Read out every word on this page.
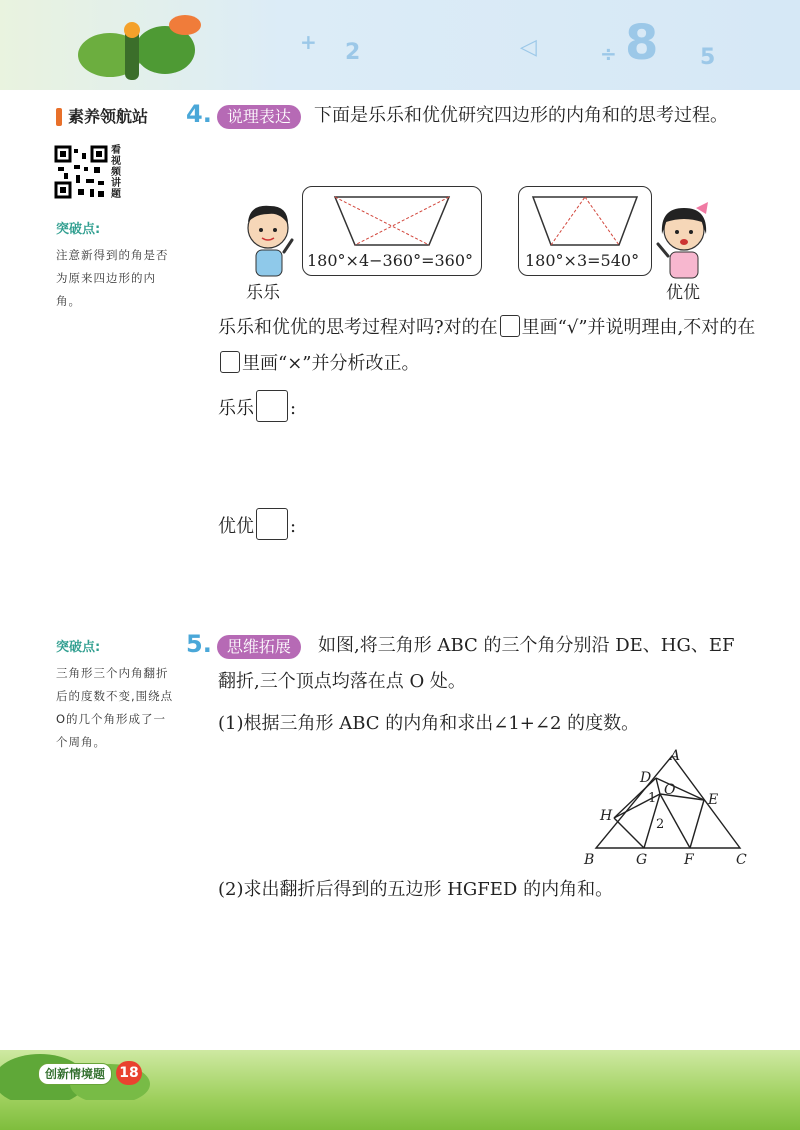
+ 2	◁	÷ 8 5
素养领航站
看视频讲题
突破点:
注意新得到的角是否为原来四边形的内角。
突破点:
三角形三个内角翻折后的度数不变,围绕点O的几个角形成了一个周角。
4. 说理表达	下面是乐乐和优优研究四边形的内角和的思考过程。
180°×4−360°=360°
乐乐
180°×3=540°
优优
乐乐和优优的思考过程对吗?对的在 里画“√”并说明理由,不对的在里画“×”并分析改正。
乐乐 :
优优 :
5. 思维拓展	如图,将三角形 ABC 的三个角分别沿 DE、HG、EF 翻折,三个顶点均落在点 O 处。
(1)根据三角形 ABC 的内角和求出∠1+∠2 的度数。
A
B	C
D
E
F
G
H
O
1
2
(2)求出翻折后得到的五边形 HGFED 的内角和。
创新情境题	18
